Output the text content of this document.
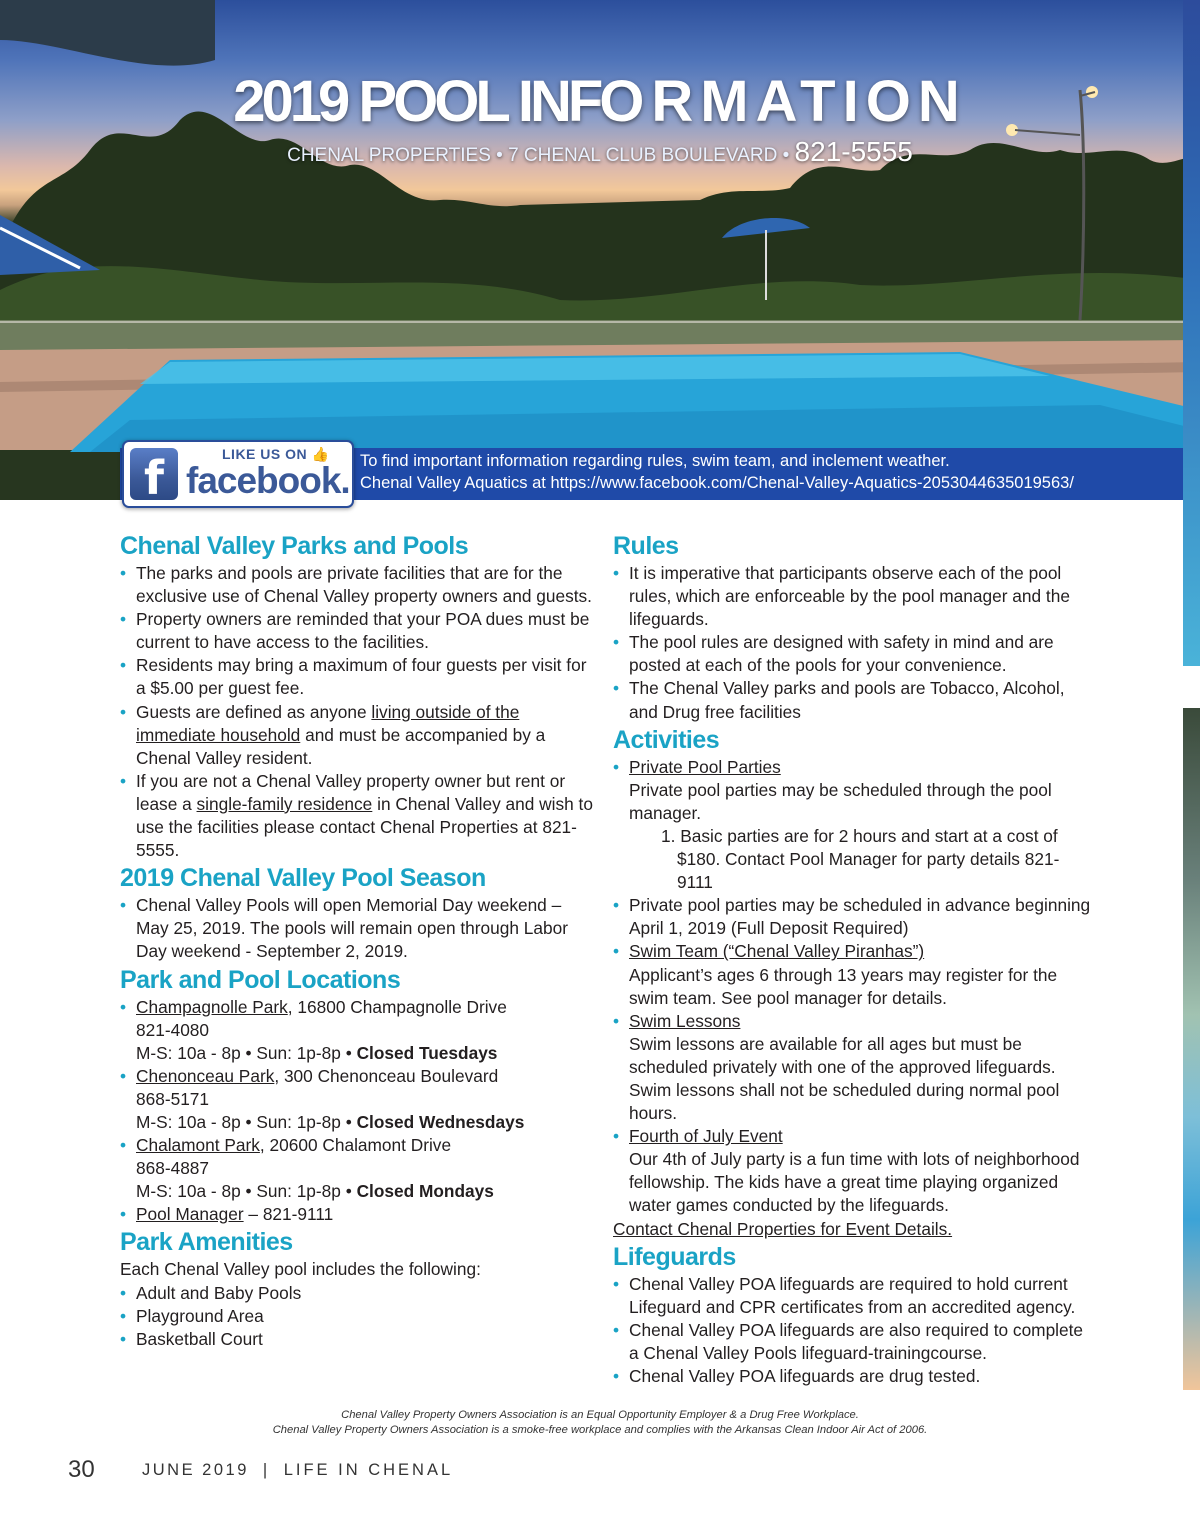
2019 POOL INFORMATION
CHENAL PROPERTIES • 7 CHENAL CLUB BOULEVARD • 821-5555
f	LIKE US ON 👍
facebook. To find important information regarding rules, swim team, and inclement weather.
Chenal Valley Aquatics at https://www.facebook.com/Chenal-Valley-Aquatics-2053044635019563/
Chenal Valley Parks and Pools
• The parks and pools are private facilities that are for the exclusive use of Chenal Valley property owners and guests.
• Property owners are reminded that your POA dues must be current to have access to the facilities.
• Residents may bring a maximum of four guests per visit for a $5.00 per guest fee.
• Guests are defined as anyone living outside of the immediate household and must be accompanied by a Chenal Valley resident.
• If you are not a Chenal Valley property owner but rent or lease a single-family residence in Chenal Valley and wish to use the facilities please contact Chenal Properties at 821-5555.
2019 Chenal Valley Pool Season
• Chenal Valley Pools will open Memorial Day weekend – May 25, 2019. The pools will remain open through Labor Day weekend - September 2, 2019.
Park and Pool Locations
• Champagnolle Park, 16800 Champagnolle Drive
821-4080
M-S: 10a - 8p • Sun: 1p-8p • Closed Tuesdays
• Chenonceau Park, 300 Chenonceau Boulevard
868-5171
M-S: 10a - 8p • Sun: 1p-8p • Closed Wednesdays
• Chalamont Park, 20600 Chalamont Drive
868-4887
M-S: 10a - 8p • Sun: 1p-8p • Closed Mondays
• Pool Manager – 821-9111
Park Amenities
Each Chenal Valley pool includes the following:
• Adult and Baby Pools
• Playground Area
• Basketball Court
Rules
• It is imperative that participants observe each of the pool rules, which are enforceable by the pool manager and the lifeguards.
• The pool rules are designed with safety in mind and are posted at each of the pools for your convenience.
• The Chenal Valley parks and pools are Tobacco, Alcohol, and Drug free facilities
Activities
• Private Pool Parties
Private pool parties may be scheduled through the pool manager.
1. Basic parties are for 2 hours and start at a cost of $180. Contact Pool Manager for party details 821-9111
• Private pool parties may be scheduled in advance beginning April 1, 2019 (Full Deposit Required)
• Swim Team (“Chenal Valley Piranhas”)
Applicant’s ages 6 through 13 years may register for the swim team. See pool manager for details.
• Swim Lessons
Swim lessons are available for all ages but must be scheduled privately with one of the approved lifeguards. Swim lessons shall not be scheduled during normal pool hours.
• Fourth of July Event
Our 4th of July party is a fun time with lots of neighborhood fellowship. The kids have a great time playing organized water games conducted by the lifeguards.
Contact Chenal Properties for Event Details.
Lifeguards
• Chenal Valley POA lifeguards are required to hold current Lifeguard and CPR certificates from an accredited agency.
• Chenal Valley POA lifeguards are also required to complete a Chenal Valley Pools lifeguard-trainingcourse.
• Chenal Valley POA lifeguards are drug tested.
Chenal Valley Property Owners Association is an Equal Opportunity Employer & a Drug Free Workplace.
Chenal Valley Property Owners Association is a smoke-free workplace and complies with the Arkansas Clean Indoor Air Act of 2006.
30	JUNE 2019 | LIFE IN CHENAL
